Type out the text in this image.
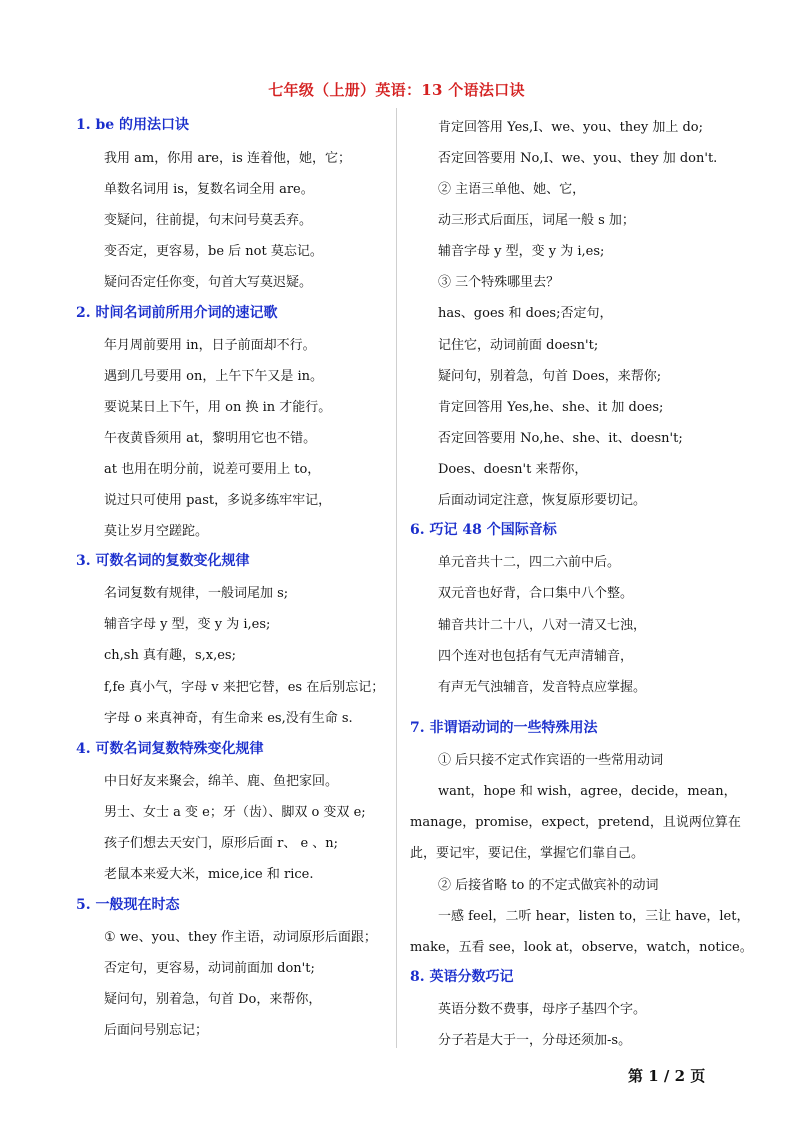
七年级（上册）英语：13 个语法口诀
1. be 的用法口诀
我用 am，你用 are，is 连着他，她，它；
单数名词用 is，复数名词全用 are。
变疑问，往前提，句末问号莫丢弃。
变否定，更容易，be 后 not 莫忘记。
疑问否定任你变，句首大写莫迟疑。
2. 时间名词前所用介词的速记歌
年月周前要用 in，日子前面却不行。
遇到几号要用 on，上午下午又是 in。
要说某日上下午，用 on 换 in 才能行。
午夜黄昏须用 at，黎明用它也不错。
at 也用在明分前，说差可要用上 to，
说过只可使用 past，多说多练牢牢记，
莫让岁月空蹉跎。
3. 可数名词的复数变化规律
名词复数有规律，一般词尾加 s;
辅音字母 y 型，变 y 为 i,es;
ch,sh 真有趣，s,x,es;
f,fe 真小气，字母 v 来把它替，es 在后别忘记；
字母 o 来真神奇，有生命来 es,没有生命 s.
4. 可数名词复数特殊变化规律
中日好友来聚会，绵羊、鹿、鱼把家回。
男士、女士 a 变 e；牙（齿）、脚双 o 变双 e;
孩子们想去天安门，原形后面 r、 e 、n;
老鼠本来爱大米，mice,ice 和 rice.
5. 一般现在时态
① we、you、they 作主语，动词原形后面跟；
否定句，更容易，动词前面加 don't;
疑问句，别着急，句首 Do，来帮你，
后面问号别忘记；
肯定回答用 Yes,I、we、you、they 加上 do;
否定回答要用 No,I、we、you、they 加 don't.
② 主语三单他、她、它，
动三形式后面压，词尾一般 s 加；
辅音字母 y 型，变 y 为 i,es;
③ 三个特殊哪里去？
has、goes 和 does;否定句，
记住它，动词前面 doesn't;
疑问句，别着急，句首 Does，来帮你;
肯定回答用 Yes,he、she、it 加 does;
否定回答要用 No,he、she、it、doesn't;
Does、doesn't 来帮你，
后面动词定注意，恢复原形要切记。
6. 巧记 48 个国际音标
单元音共十二，四二六前中后。
双元音也好背，合口集中八个整。
辅音共计二十八，八对一清又七浊，
四个连对也包括有气无声清辅音，
有声无气浊辅音，发音特点应掌握。
7. 非谓语动词的一些特殊用法
① 后只接不定式作宾语的一些常用动词
want，hope 和 wish，agree，decide，mean，
manage，promise，expect，pretend，且说两位算在
此，要记牢，要记住，掌握它们靠自己。
② 后接省略 to 的不定式做宾补的动词
一感 feel，二听 hear，listen to，三让 have，let，
make，五看 see，look at，observe，watch，notice。
8. 英语分数巧记
英语分数不费事，母序子基四个字。
分子若是大于一，分母还须加-s。
第 1 / 2 页
